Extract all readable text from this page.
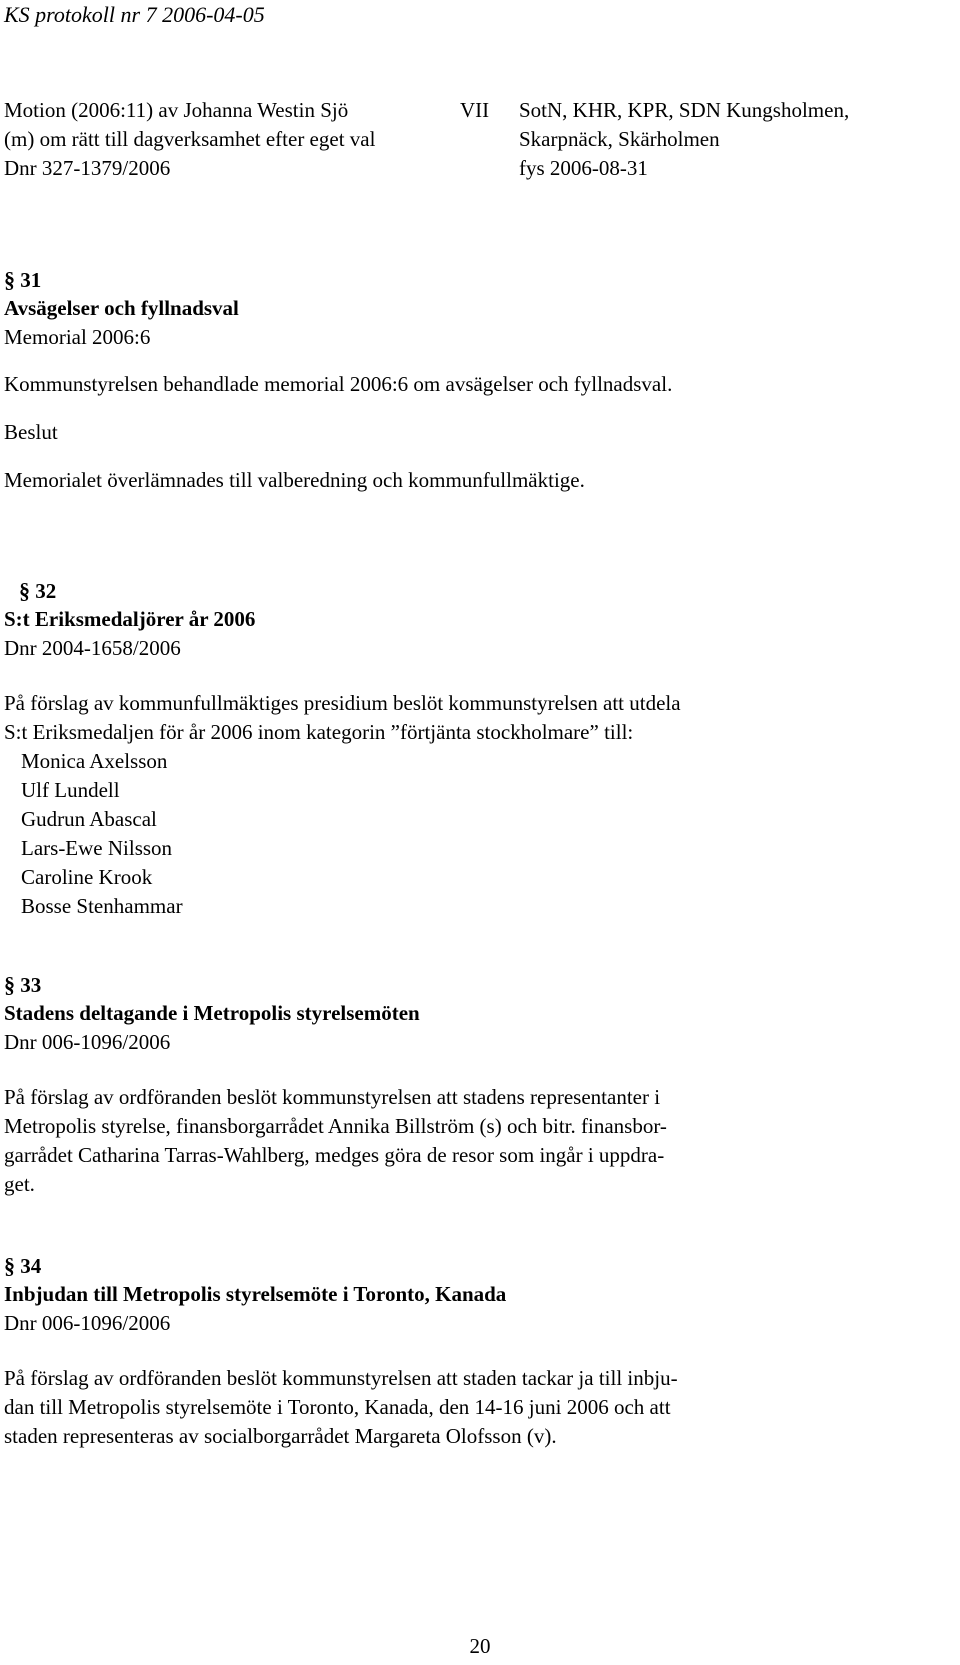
KS protokoll nr 7 2006-04-05
Motion (2006:11) av Johanna Westin Sjö
(m) om rätt till dagverksamhet efter eget val
Dnr 327-1379/2006
VII SotN, KHR, KPR, SDN Kungsholmen,
Skarpnäck, Skärholmen
fys 2006-08-31
§ 31
Avsägelser och fyllnadsval
Memorial 2006:6
Kommunstyrelsen behandlade memorial 2006:6 om avsägelser och fyllnadsval.
Beslut
Memorialet överlämnades till valberedning och kommunfullmäktige.
§ 32
S:t Eriksmedaljörer år 2006
Dnr 2004-1658/2006
På förslag av kommunfullmäktiges presidium beslöt kommunstyrelsen att utdela
S:t Eriksmedaljen för år 2006 inom kategorin ”förtjänta stockholmare” till:
Monica Axelsson
Ulf Lundell
Gudrun Abascal
Lars-Ewe Nilsson
Caroline Krook
Bosse Stenhammar
§ 33
Stadens deltagande i Metropolis styrelsemöten
Dnr 006-1096/2006
På förslag av ordföranden beslöt kommunstyrelsen att stadens representanter i
Metropolis styrelse, finansborgarrådet Annika Billström (s) och bitr. finansbor-
garrådet Catharina Tarras-Wahlberg, medges göra de resor som ingår i uppdra-
get.
§ 34
Inbjudan till Metropolis styrelsemöte i Toronto, Kanada
Dnr 006-1096/2006
På förslag av ordföranden beslöt kommunstyrelsen att staden tackar ja till inbju-
dan till Metropolis styrelsemöte i Toronto, Kanada, den 14-16 juni 2006 och att
staden representeras av socialborgarrådet Margareta Olofsson (v).
20
